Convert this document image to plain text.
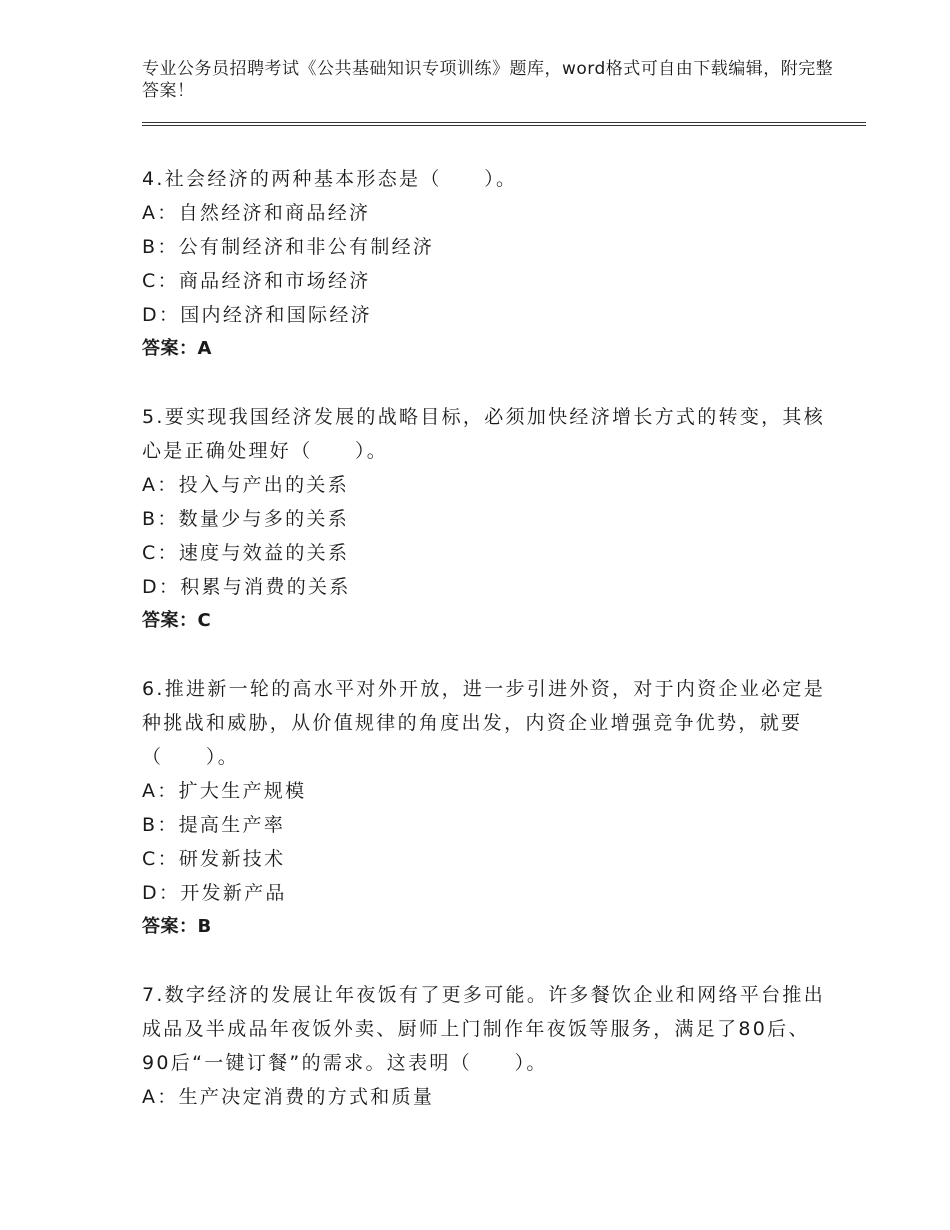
专业公务员招聘考试《公共基础知识专项训练》题库，word格式可自由下载编辑，附完整答案！
4.社会经济的两种基本形态是（　　）。
A：自然经济和商品经济
B：公有制经济和非公有制经济
C：商品经济和市场经济
D：国内经济和国际经济
答案：A
5.要实现我国经济发展的战略目标，必须加快经济增长方式的转变，其核心是正确处理好（　　）。
A：投入与产出的关系
B：数量少与多的关系
C：速度与效益的关系
D：积累与消费的关系
答案：C
6.推进新一轮的高水平对外开放，进一步引进外资，对于内资企业必定是种挑战和威胁，从价值规律的角度出发，内资企业增强竞争优势，就要（　　）。
A：扩大生产规模
B：提高生产率
C：研发新技术
D：开发新产品
答案：B
7.数字经济的发展让年夜饭有了更多可能。许多餐饮企业和网络平台推出成品及半成品年夜饭外卖、厨师上门制作年夜饭等服务，满足了80后、90后“一键订餐”的需求。这表明（　　）。
A：生产决定消费的方式和质量
